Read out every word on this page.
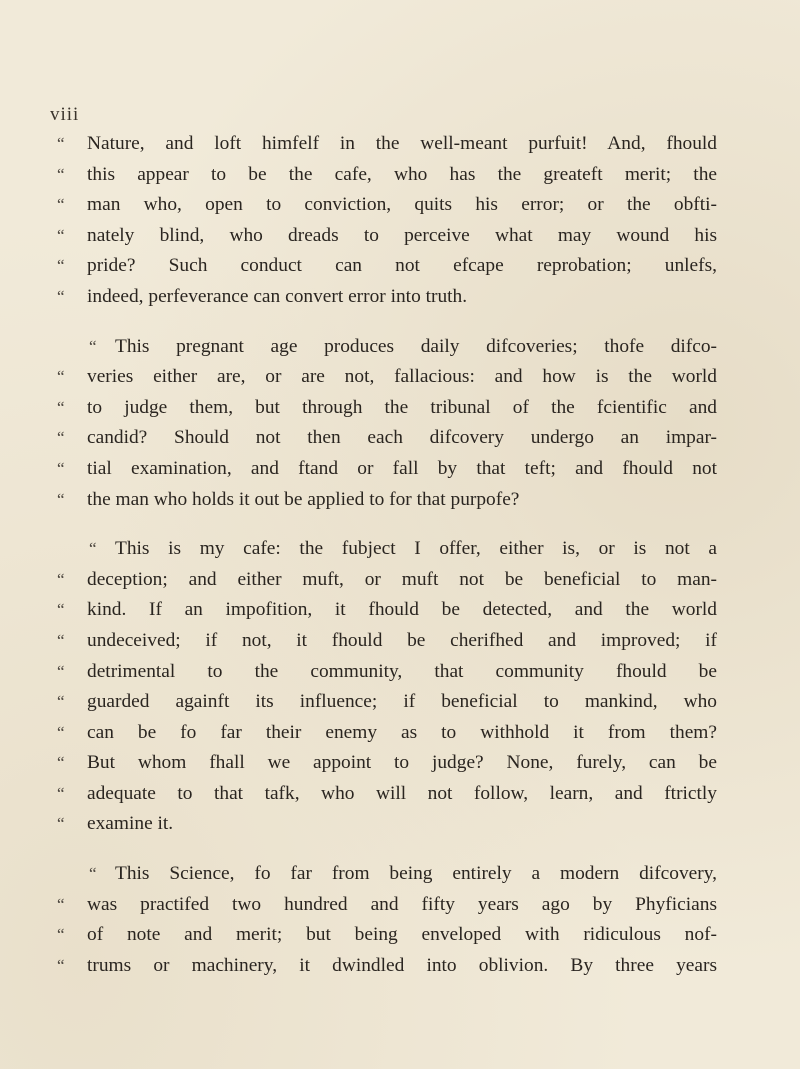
viii
“	Nature, and loft himfelf in the well-meant purfuit! And, fhould
“	this appear to be the cafe, who has the greateft merit; the
“	man who, open to conviction, quits his error; or the obfti-
“	nately blind, who dreads to perceive what may wound his
“	pride? Such conduct can not efcape reprobation; unlefs,
“	indeed, perfeverance can convert error into truth.
“ This pregnant age produces daily difcoveries; thofe difco-
“	veries either are, or are not, fallacious: and how is the world
“	to judge them, but through the tribunal of the fcientific and
“	candid? Should not then each difcovery undergo an impar-
“	tial examination, and ftand or fall by that teft; and fhould not
“	the man who holds it out be applied to for that purpofe?
“ This is my cafe: the fubject I offer, either is, or is not a
“	deception; and either muft, or muft not be beneficial to man-
“	kind. If an impofition, it fhould be detected, and the world
“	undeceived; if not, it fhould be cherifhed and improved; if
“	detrimental to the community, that community fhould be
“	guarded againft its influence; if beneficial to mankind, who
“	can be fo far their enemy as to withhold it from them?
“	But whom fhall we appoint to judge? None, furely, can be
“	adequate to that tafk, who will not follow, learn, and ftrictly
“	examine it.
“ This Science, fo far from being entirely a modern difcovery,
“	was practifed two hundred and fifty years ago by Phyficians
“	of note and merit; but being enveloped with ridiculous nof-
“	trums or machinery, it dwindled into oblivion. By three years
